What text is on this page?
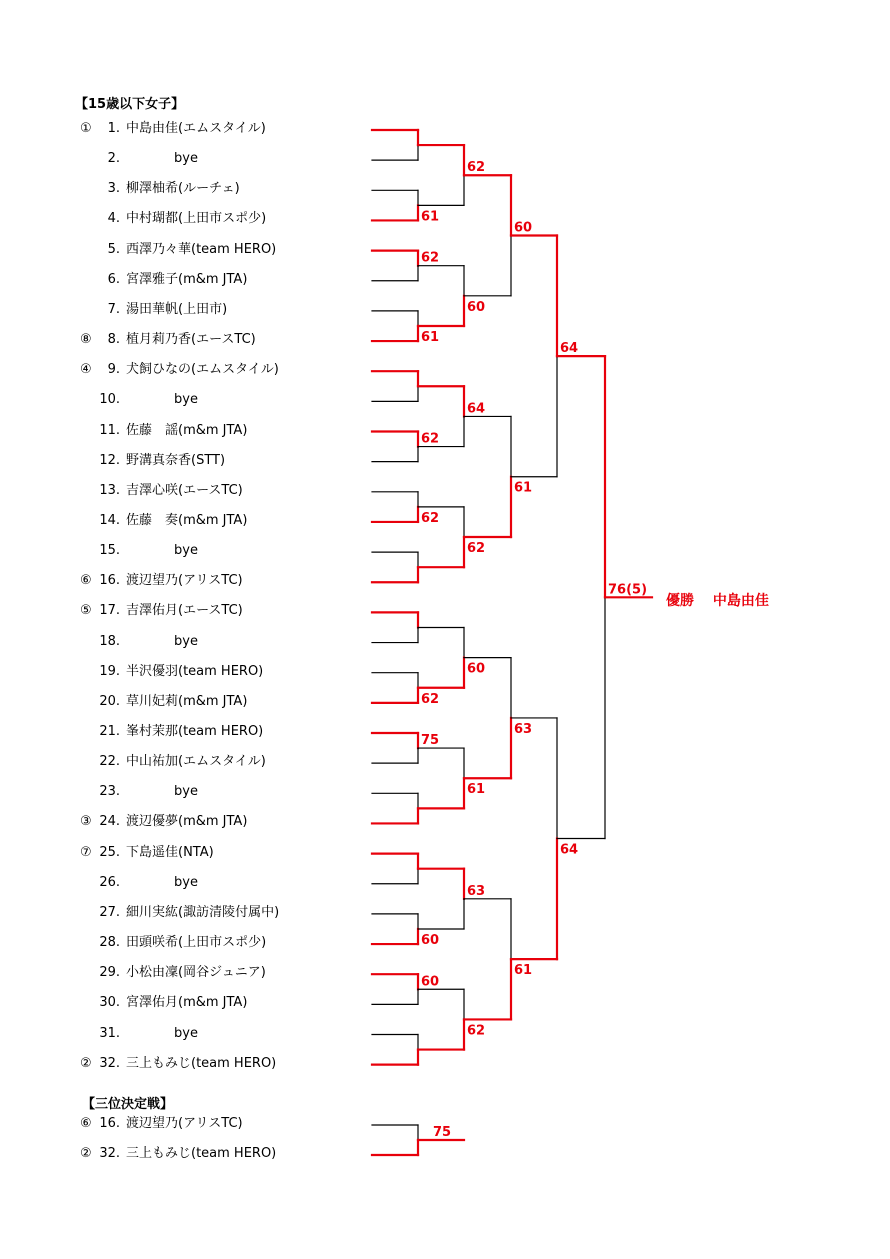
【15歳以下女子】
①	1. 中島由佳(エムスタイル)
2.	bye
3. 柳澤柚希(ルーチェ)
4. 中村瑚都(上田市スポ少)
5. 西澤乃々華(team HERO)
6. 宮澤雅子(m&m JTA)
7. 湯田華帆(上田市)
⑧	8. 植月莉乃香(エースTC)
④	9. 犬飼ひなの(エムスタイル)
10.	bye
11. 佐藤　謡(m&m JTA)
12. 野溝真奈香(STT)
13. 吉澤心咲(エースTC)
14. 佐藤　奏(m&m JTA)
15.	bye
⑥ 16. 渡辺望乃(アリスTC)
⑤ 17. 吉澤佑月(エースTC)
18.	bye
19. 半沢優羽(team HERO)
20. 草川妃莉(m&m JTA)
21. 峯村茉那(team HERO)
22. 中山祐加(エムスタイル)
23.	bye
③ 24. 渡辺優夢(m&m JTA)
⑦ 25. 下島遥佳(NTA)
26.	bye
27. 細川実紘(諏訪清陵付属中)
28. 田頭咲希(上田市スポ少)
29. 小松由凜(岡谷ジュニア)
30. 宮澤佑月(m&m JTA)
31.	bye
② 32. 三上もみじ(team HERO)
【三位決定戦】
⑥ 16. 渡辺望乃(アリスTC)
② 32. 三上もみじ(team HERO)
61
62
61
62
62
62
75
60
60
62
60
64
62
60
61
63
62
60
61
63
61
64
64
76(5)
75
優勝　 中島由佳
